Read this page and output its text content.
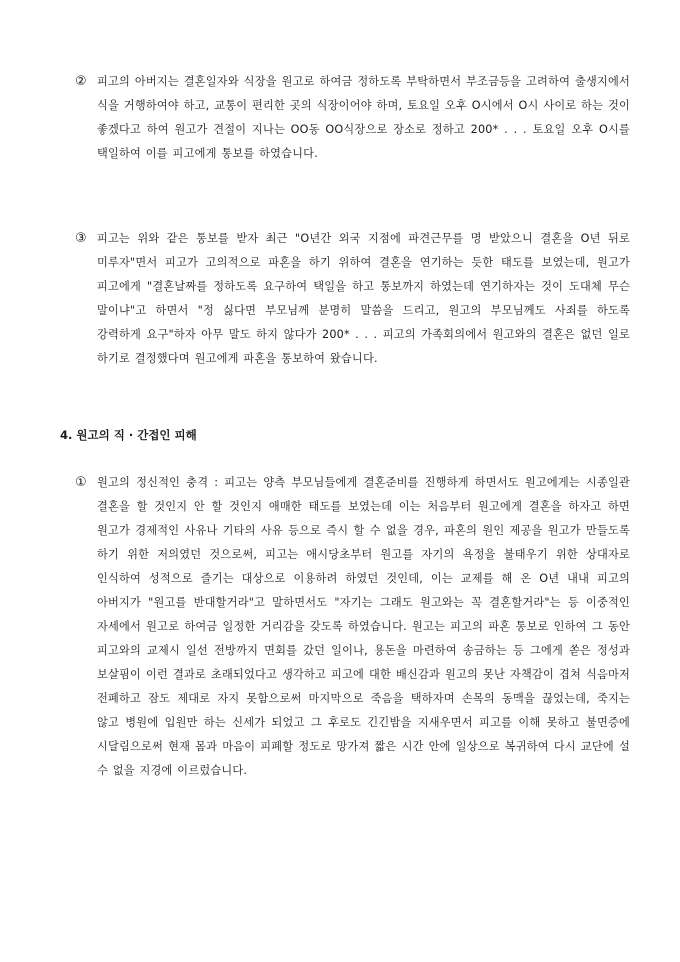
② 피고의 아버지는 결혼일자와 식장을 원고로 하여금 정하도록 부탁하면서 부조금등을 고려하여 출생지에서 식을 거행하여야 하고, 교통이 편리한 곳의 식장이어야 하며, 토요일 오후 O시에서 O시 사이로 하는 것이 좋겠다고 하여 원고가 견절이 지나는 OO동 OO식장으로 장소로 정하고 200* . . . 토요일 오후 O시를 택일하여 이를 피고에게 통보를 하였습니다.

③ 피고는 위와 같은 통보를 받자 최근 "O년간 외국 지점에 파견근무를 명 받았으니 결혼을 O년 뒤로 미루자"면서 피고가 고의적으로 파혼을 하기 위하여 결혼을 연기하는 듯한 태도를 보였는데, 원고가 피고에게 "결혼날짜를 정하도록 요구하여 택일을 하고 통보까지 하였는데 연기하자는 것이 도대체 무슨 말이냐"고 하면서 "정 싫다면 부모님께 분명히 말씀을 드리고, 원고의 부모님께도 사죄를 하도록 강력하게 요구"하자 아무 말도 하지 않다가 200* . . . 피고의 가족회의에서 원고와의 결혼은 없던 일로 하기로 결정했다며 원고에게 파혼을 통보하여 왔습니다.

4. 원고의 직 · 간접인 피해
① 원고의 정신적인 충격 : 피고는 양측 부모님들에게 결혼준비를 진행하게 하면서도 원고에게는 시종일관 결혼을 할 것인지 안 할 것인지 애매한 태도를 보였는데 이는 처음부터 원고에게 결혼을 하자고 하면 원고가 경제적인 사유나 기타의 사유 등으로 즉시 할 수 없을 경우, 파혼의 원인 제공을 원고가 만들도록 하기 위한 저의였던 것으로써, 피고는 애시당초부터 원고를 자기의 욕정을 불태우기 위한 상대자로 인식하여 성적으로 즐기는 대상으로 이용하려 하였던 것인데, 이는 교제를 해 온 O년 내내 피고의 아버지가 "원고를 반대할거라"고 말하면서도 "자기는 그래도 원고와는 꼭 결혼할거라"는 등 이중적인 자세에서 원고로 하여금 일정한 거리감을 갖도록 하였습니다. 원고는 피고의 파혼 통보로 인하여 그 동안 피고와의 교제시 일선 전방까지 면회를 갔던 일이나, 용돈을 마련하여 송금하는 등 그에게 쏟은 정성과 보살핌이 이런 결과로 초래되었다고 생각하고 피고에 대한 배신감과 원고의 못난 자책감이 겹쳐 식음마저 전폐하고 잠도 제대로 자지 못함으로써 마지막으로 죽음을 택하자며 손목의 동맥을 끊었는데, 죽지는 않고 병원에 입원만 하는 신세가 되었고 그 후로도 긴긴밤을 지새우면서 피고를 이해 못하고 불면증에 시달림으로써 현재 몸과 마음이 피폐할 정도로 망가져 짧은 시간 안에 일상으로 복귀하여 다시 교단에 설 수 없을 지경에 이르렀습니다.
